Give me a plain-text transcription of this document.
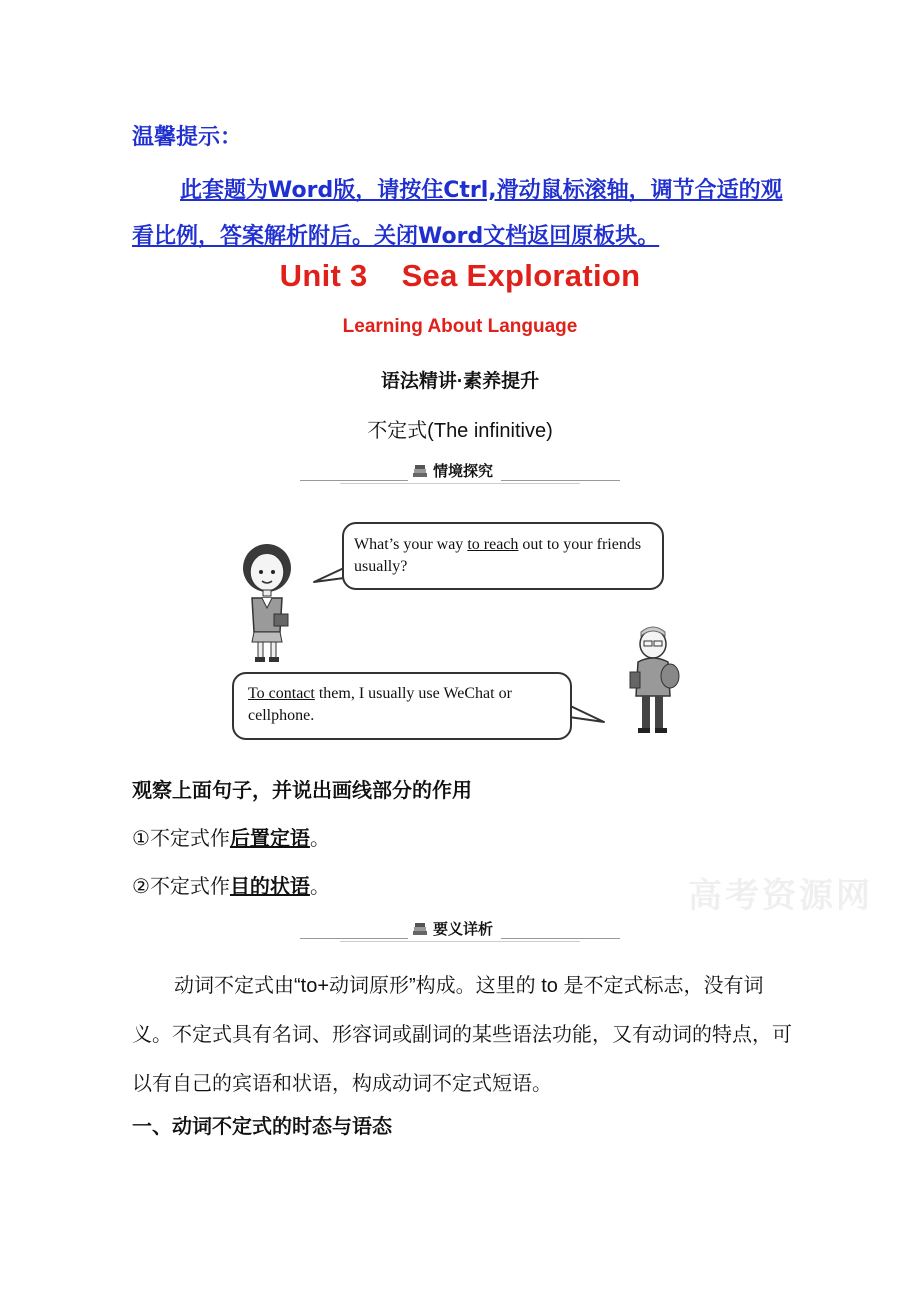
温馨提示：
此套题为Word版，请按住Ctrl,滑动鼠标滚轴，调节合适的观看比例，答案解析附后。关闭Word文档返回原板块。
Unit 3 Sea Exploration
Learning About Language
语法精讲·素养提升
不定式(The infinitive)
情境探究
What’s your way to reach out to your friends usually?
To contact them, I usually use WeChat or cellphone.
观察上面句子，并说出画线部分的作用
①不定式作后置定语。
②不定式作目的状语。	高考资源网
要义详析
动词不定式由“to+动词原形”构成。这里的 to 是不定式标志，没有词义。不定式具有名词、形容词或副词的某些语法功能，又有动词的特点，可以有自己的宾语和状语，构成动词不定式短语。
一、动词不定式的时态与语态
